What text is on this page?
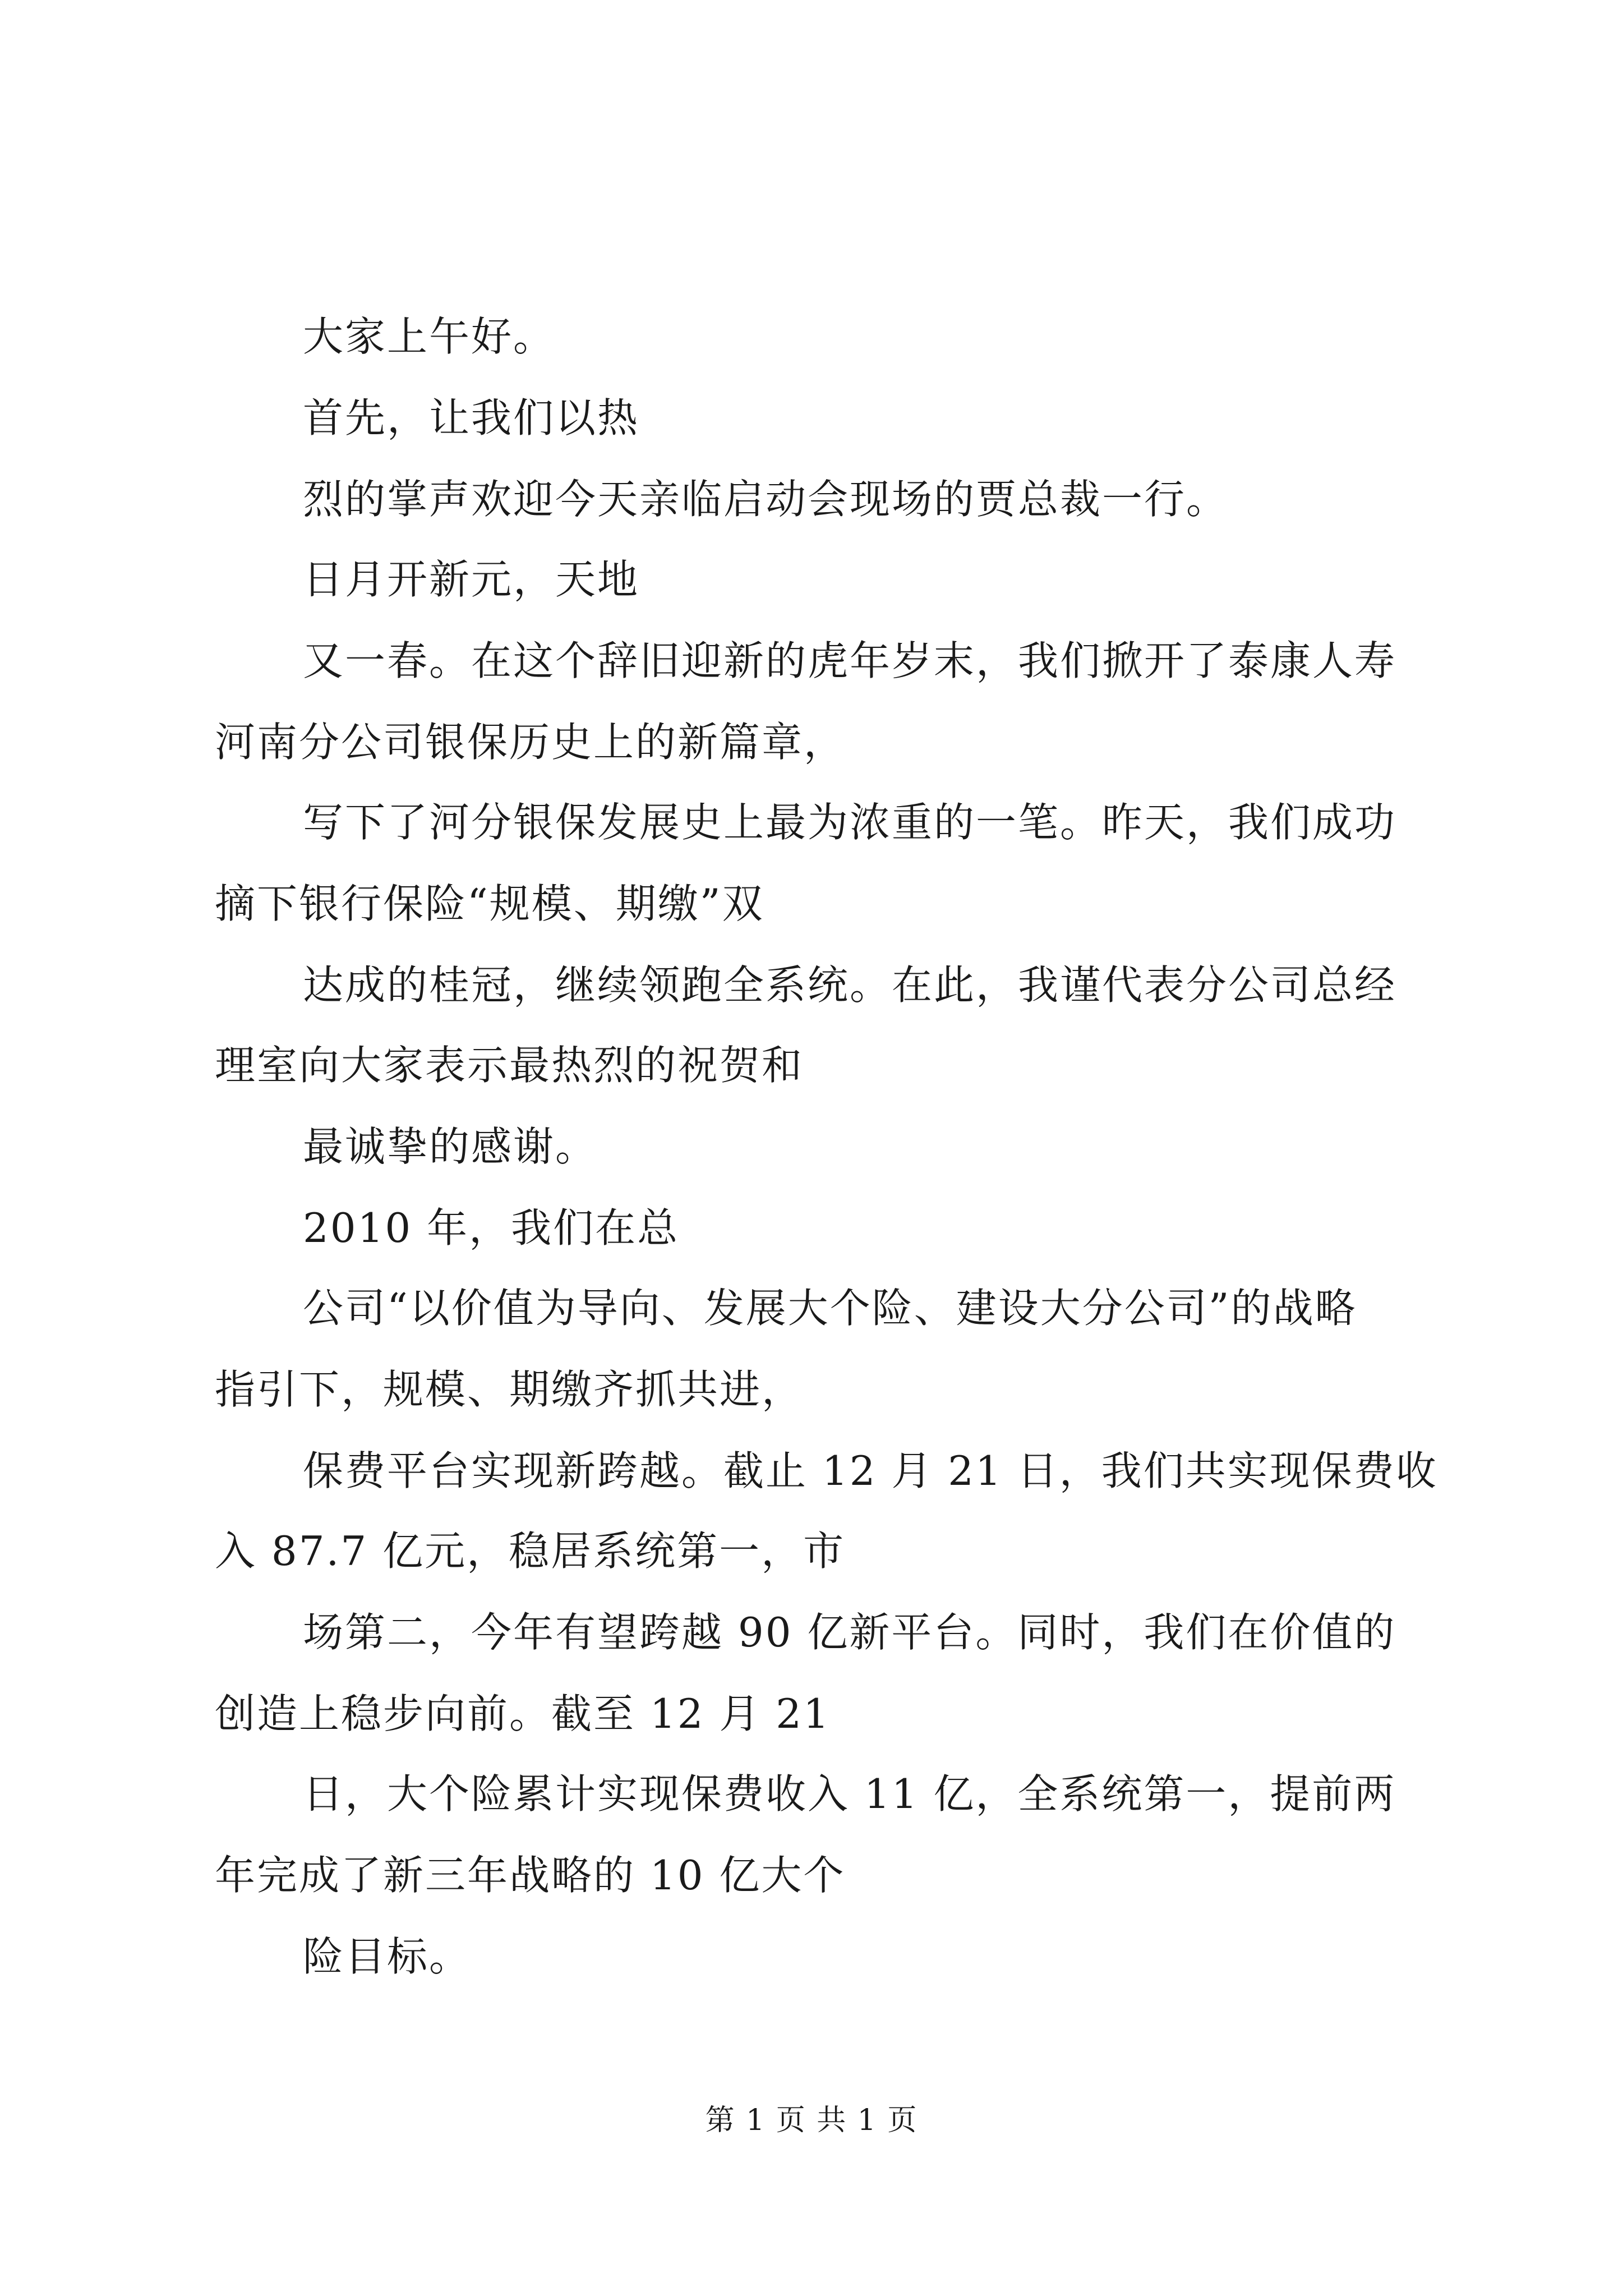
大家上午好。
首先，让我们以热
烈的掌声欢迎今天亲临启动会现场的贾总裁一行。
日月开新元，天地
又一春。在这个辞旧迎新的虎年岁末，我们掀开了泰康人寿
河南分公司银保历史上的新篇章，
写下了河分银保发展史上最为浓重的一笔。昨天，我们成功
摘下银行保险“规模、期缴”双
达成的桂冠，继续领跑全系统。在此，我谨代表分公司总经
理室向大家表示最热烈的祝贺和
最诚挚的感谢。
2010 年，我们在总
公司“以价值为导向、发展大个险、建设大分公司”的战略
指引下，规模、期缴齐抓共进，
保费平台实现新跨越。截止 12 月 21 日，我们共实现保费收
入 87.7 亿元，稳居系统第一，市
场第二，今年有望跨越 90 亿新平台。同时，我们在价值的
创造上稳步向前。截至 12 月 21
日，大个险累计实现保费收入 11 亿，全系统第一，提前两
年完成了新三年战略的 10 亿大个
险目标。
第 1 页 共 1 页
